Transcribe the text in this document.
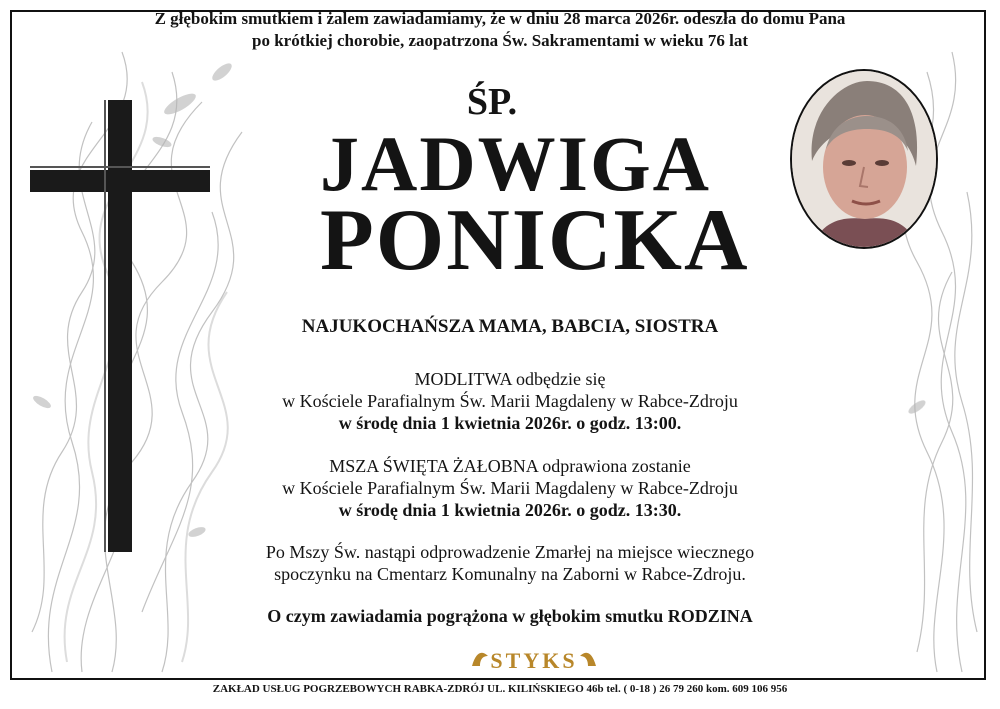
Z głębokim smutkiem i żalem zawiadamiamy, że w dniu 28 marca 2026r. odeszła do domu Pana
po krótkiej chorobie, zaopatrzona Św. Sakramentami w wieku 76 lat
ŚP.
JADWIGA
PONICKA
NAJUKOCHAŃSZA MAMA, BABCIA, SIOSTRA
MODLITWA odbędzie się
w Kościele Parafialnym Św. Marii Magdaleny w Rabce-Zdroju
w środę dnia 1 kwietnia 2026r. o godz. 13:00.
MSZA ŚWIĘTA ŻAŁOBNA odprawiona zostanie
w Kościele Parafialnym Św. Marii Magdaleny w Rabce-Zdroju
w środę dnia 1 kwietnia 2026r. o godz. 13:30.
Po Mszy Św. nastąpi odprowadzenie Zmarłej na miejsce wiecznego
spoczynku na Cmentarz Komunalny na Zaborni w Rabce-Zdroju.
O czym zawiadamia pogrążona w głębokim smutku RODZINA
STYKS
ZAKŁAD USŁUG POGRZEBOWYCH RABKA-ZDRÓJ UL. KILIŃSKIEGO 46b tel. ( 0-18 ) 26 79 260 kom. 609 106 956
